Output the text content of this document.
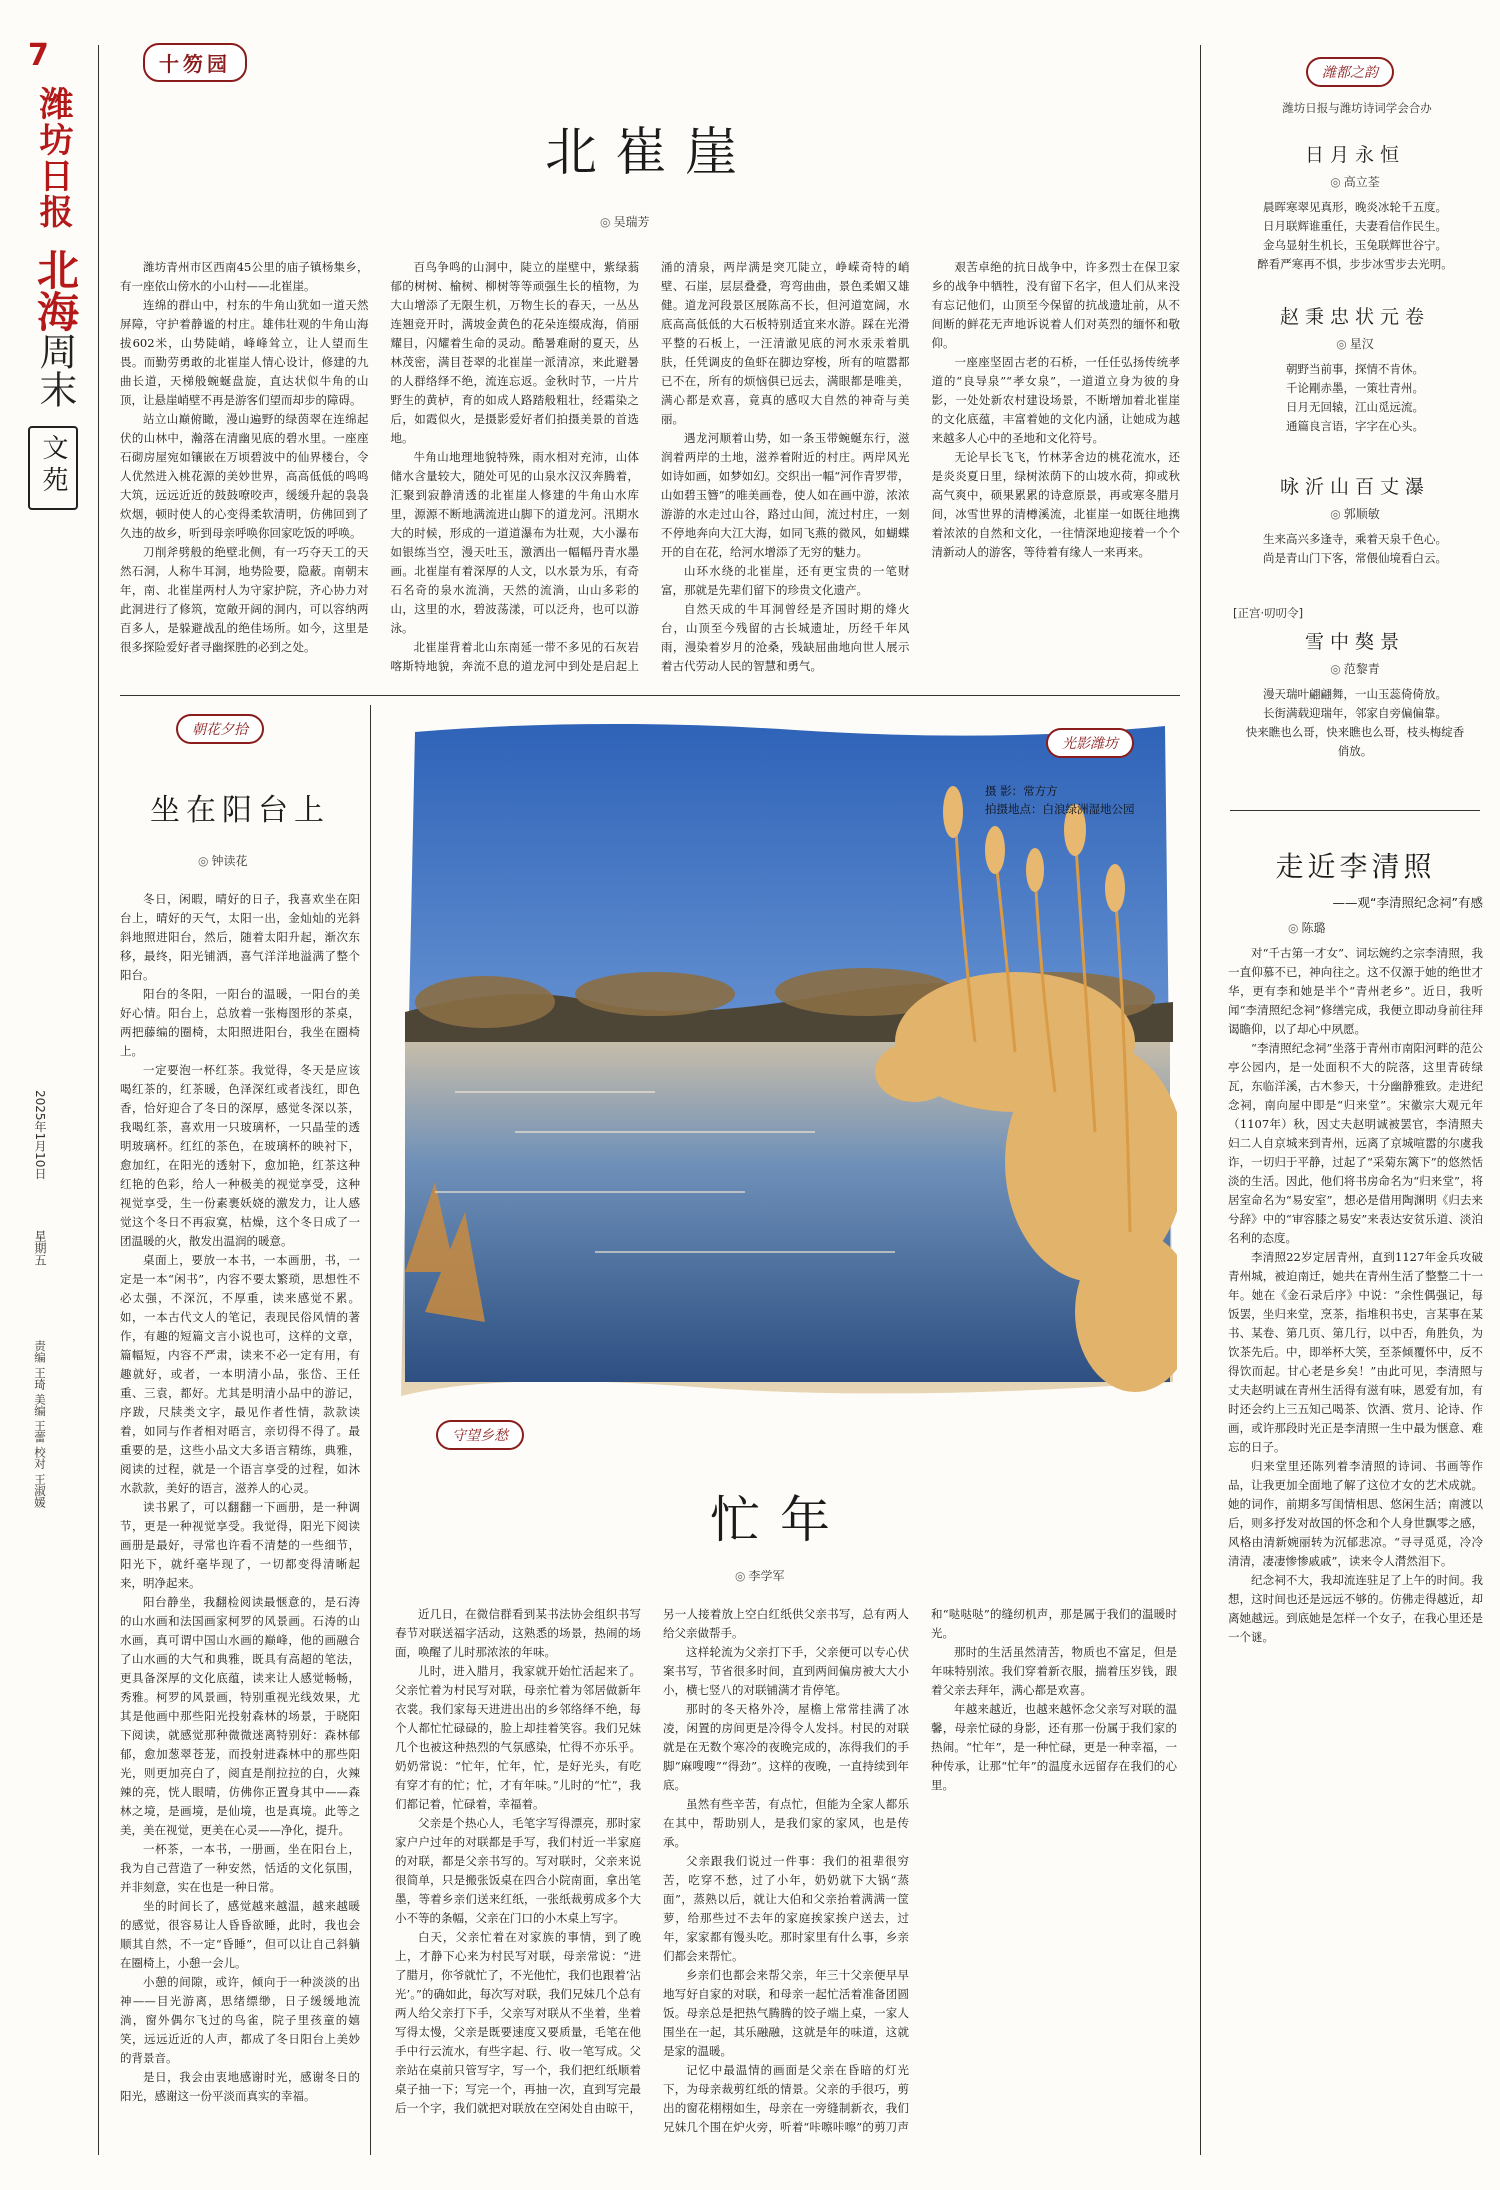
7
潍坊日报
北海周末
文苑
2025年1月10日
星期五
责编 王琦 美编 王蕾 校对 王淑媛
十笏园
北崔崖
◎ 吴瑞芳

潍坊青州市区西南45公里的庙子镇杨集乡，有一座依山傍水的小山村——北崔崖。

连绵的群山中，村东的牛角山犹如一道天然屏障，守护着静谧的村庄。雄伟壮观的牛角山海拔602米，山势陡峭，峰峰耸立，让人望而生畏。而勤劳勇敢的北崔崖人情心设计，修建的九曲长道，天梯般蜿蜒盘旋，直达状似牛角的山顶，让悬崖峭壁不再是游客们望而却步的障碍。

站立山巅俯瞰，漫山遍野的绿茵翠在连绵起伏的山林中，瀚落在清幽见底的碧水里。一座座石砌房屋宛如镶嵌在万顷碧波中的仙界楼台，令人优然进入桃花源的美妙世界，高高低低的鸣鸣大筑，远远近近的鼓鼓嘹咬声，缓缓升起的袅袅炊烟，顿时使人的心变得柔软清明，仿佛回到了久违的故乡，听到母亲呼唤你回家吃饭的呼唤。

刀削斧劈般的绝壁北侧，有一巧夺天工的天然石洞，人称牛耳洞，地势险要，隐蔽。南朝末年，南、北崔崖两村人为守家护院，齐心协力对此洞进行了修筑，宽敞开阔的洞内，可以容纳两百多人，是躲避战乱的绝佳场所。如今，这里是很多探险爱好者寻幽探胜的必到之处。

百鸟争鸣的山洞中，陡立的崖壁中，紫绿蓊郁的树树、榆树、柳树等等顽强生长的植物，为大山增添了无限生机，万物生长的春天，一丛丛连翘竞开时，满坡金黄色的花朵连缀成海，俏丽耀目，闪耀着生命的灵动。酷暑难耐的夏天，丛林茂密，满目苍翠的北崔崖一派清凉，来此避暑的人群络绎不绝，流连忘返。金秋时节，一片片野生的黄栌，育的如成人路踏般粗壮，经霜染之后，如霞似火，是摄影爱好者们拍摄美景的首选地。

牛角山地理地貌特殊，雨水相对充沛，山体储水含量较大，随处可见的山泉水汉汉奔腾着，汇聚到寂静清透的北崔崖人修建的牛角山水库里，源源不断地满流进山脚下的道龙河。汛期水大的时候，形成的一道道瀑布为壮观，大小瀑布如银练当空，漫天吐玉，激洒出一幅幅丹青水墨画。北崔崖有着深厚的人文，以水景为乐，有奇石名奇的泉水流淌，天然的流淌，山山多彩的山，这里的水，碧波荡漾，可以泛舟，也可以游泳。

北崔崖背着北山东南延一带不多见的石灰岩喀斯特地貌，奔流不息的道龙河中到处是启起上涌的清泉，两岸满是突兀陡立，峥嵘奇特的峭壁、石崖，层层叠叠，弯弯曲曲，景色柔媚又雄健。道龙河段景区展陈高不长，但河道宽阔，水底高高低低的大石板特别适宜来水游。踩在光滑平整的石板上，一汪清澈见底的河水汞汞着肌肤，任凭调皮的鱼虾在脚边穿梭，所有的喧嚣都已不在，所有的烦恼俱已远去，满眼都是唯美，满心都是欢喜，竟真的感叹大自然的神奇与美丽。

遇龙河顺着山势，如一条玉带蜿蜒东行，滋润着两岸的土地，滋养着附近的村庄。两岸风光如诗如画，如梦如幻。交织出一幅“河作青罗带，山如碧玉簪”的唯美画卷，使人如在画中游，浓浓游游的水走过山谷，路过山间，流过村庄，一刻不停地奔向大江大海，如同飞燕的微风，如蝴蝶开的自在花，给河水增添了无穷的魅力。

山环水绕的北崔崖，还有更宝贵的一笔财富，那就是先辈们留下的珍贵文化遗产。

自然天成的牛耳洞曾经是齐国时期的烽火台，山顶至今残留的古长城遗址，历经千年风雨，漫染着岁月的沧桑，残缺屈曲地向世人展示着古代劳动人民的智慧和勇气。

艰苦卓绝的抗日战争中，许多烈士在保卫家乡的战争中牺牲，没有留下名字，但人们从来没有忘记他们，山顶至今保留的抗战遗址前，从不间断的鲜花无声地诉说着人们对英烈的缅怀和敬仰。

一座座坚固古老的石桥，一任任弘扬传统孝道的“良导泉”“孝女泉”，一道道立身为彼的身影，一处处新农村建设场景，不断增加着北崔崖的文化底蕴，丰富着她的文化内涵，让她成为越来越多人心中的圣地和文化符号。

无论早长飞飞，竹林茅舍边的桃花流水，还是炎炎夏日里，绿树浓荫下的山坡水荷，抑或秋高气爽中，硕果累累的诗意原景，再或寒冬腊月间，冰雪世界的清樽溪流，北崔崖一如既往地携着浓浓的自然和文化，一往情深地迎接着一个个清新动人的游客，等待着有缘人一来再来。

潍都之韵
潍坊日报与潍坊诗词学会合办
日月永恒
◎ 高立荃
晨晖寒翠见真形，晚炎冰轮千五度。
日月联辉谁重任，夫妻看信作民生。
金乌显射生机长，玉兔联辉世谷宁。
醉看严寒再不惧，步步冰雪步去光明。
赵秉忠状元卷
◎ 星汉
朝野当前事，探情不肯休。
千论剛赤墨，一策壮青州。
日月无回辕，江山觅远流。
通篇良言语，字字在心头。
咏沂山百丈瀑
◎ 郭顺敏
生来高兴多逢寺，乘着天泉千色心。
尚是青山门下客，常偎仙境看白云。
[正宫·叨叨令]
雪中獒景
◎ 范黎青
漫天瑞叶翩翩舞，一山玉蕊倚倚放。
长街满载迎瑞年，邻家自旁偏偏靠。
快来瞧也么哥，快来瞧也么哥，枝头梅绽香
俏放。
走近李清照
——观“李清照纪念祠”有感
◎ 陈璐

对“千古第一才女”、词坛婉约之宗李清照，我一直仰慕不已，神向往之。这不仅源于她的绝世才华，更有李和她是半个“青州老乡”。近日，我听闻“李清照纪念祠”修缮完成，我便立即动身前往拜谒瞻仰，以了却心中夙愿。

“李清照纪念祠”坐落于青州市南阳河畔的范公亭公园内，是一处面积不大的院落，这里青砖绿瓦，东临洋溪，古木参天，十分幽静雅致。走进纪念祠，南向屋中即是“归来堂”。宋徽宗大观元年（1107年）秋，因丈夫赵明诚被罢官，李清照夫妇二人自京城来到青州，远离了京城喧嚣的尔虞我诈，一切归于平静，过起了“采菊东篱下”的悠然恬淡的生活。因此，他们将书房命名为“归来堂”，将居室命名为“易安室”，想必是借用陶渊明《归去来兮辞》中的“审容膝之易安”来表达安贫乐道、淡泊名利的态度。

李清照22岁定居青州，直到1127年金兵攻破青州城，被迫南迁，她共在青州生活了整整二十一年。她在《金石录后序》中说：“余性偶强记，每饭罢，坐归来堂，烹茶，指堆积书史，言某事在某书、某卷、第几页、第几行，以中否，角胜负，为饮茶先后。中，即举杯大笑，至茶倾覆怀中，反不得饮而起。甘心老是乡矣！”由此可见，李清照与丈夫赵明诚在青州生活得有滋有味，恩爱有加，有时还会约上三五知己喝茶、饮酒、赏月、论诗、作画，或许那段时光正是李清照一生中最为惬意、难忘的日子。

归来堂里还陈列着李清照的诗词、书画等作品，让我更加全面地了解了这位才女的艺术成就。她的词作，前期多写闺情相思、悠闲生活；南渡以后，则多抒发对故国的怀念和个人身世飘零之感，风格由清新婉丽转为沉郁悲凉。“寻寻觅觅，冷冷清清，凄凄惨惨戚戚”，读来令人潸然泪下。

纪念祠不大，我却流连驻足了上午的时间。我想，这时间也还是远远不够的。仿佛走得越近，却离她越远。到底她是怎样一个女子，在我心里还是一个谜。

朝花夕拾
坐在阳台上
◎ 钟读花

冬日，闲暇，晴好的日子，我喜欢坐在阳台上，晴好的天气，太阳一出，金灿灿的光斜斜地照进阳台，然后，随着太阳升起，渐次东移，最终，阳光铺洒，喜气洋洋地溢满了整个阳台。

阳台的冬阳，一阳台的温暖，一阳台的美好心情。阳台上，总放着一张梅图形的茶桌，两把藤编的圈椅，太阳照进阳台，我坐在圈椅上。

一定要泡一杯红茶。我觉得，冬天是应该喝红茶的，红茶暖，色泽深红或者浅红，即色香，恰好迎合了冬日的深厚，感觉冬深以茶，我喝红茶，喜欢用一只玻璃杯，一只晶莹的透明玻璃杯。红红的茶色，在玻璃杯的映衬下，愈加红，在阳光的透射下，愈加艳，红茶这种红艳的色彩，给人一种极美的视觉享受，这种视觉享受，生一份素裹妖娆的激发力，让人感觉这个冬日不再寂寞，枯燥，这个冬日成了一团温暖的火，散发出温润的暖意。

桌面上，要放一本书，一本画册，书，一定是一本“闲书”，内容不要太繁琐，思想性不必太强，不深沉，不厚重，读来感觉不累。如，一本古代文人的笔记，表现民俗风情的著作，有趣的短篇文言小说也可，这样的文章，篇幅短，内容不严肃，读来不必一定有用，有趣就好，或者，一本明清小品，张岱、王任重、三袁，都好。尤其是明清小品中的游记，序跋，尺牍类文字，最见作者性情，款款读着，如同与作者相对晤言，亲切得不得了。最重要的是，这些小品文大多语言精练，典雅，阅读的过程，就是一个语言享受的过程，如沐水款款，美好的语言，滋养人的心灵。

读书累了，可以翻翻一下画册，是一种调节，更是一种视觉享受。我觉得，阳光下阅读画册是最好，寻常也许看不清楚的一些细节，阳光下，就纤毫毕现了，一切都变得清晰起来，明净起来。

阳台静坐，我翻检阅读最惬意的，是石涛的山水画和法国画家柯罗的风景画。石涛的山水画，真可谓中国山水画的巅峰，他的画融合了山水画的大气和典雅，既具有高超的笔法，更具备深厚的文化底蕴，读来让人感觉畅畅，秀雅。柯罗的风景画，特别重视光线效果，尤其是他画中那些阳光投射森林的场景，于晓阳下阅读，就感觉那种微微迷离特别好：森林郁郁，愈加葱翠苍茏，而投射进森林中的那些阳光，则更加亮白了，阅直是削拉拉的白，火辣辣的亮，恍人眼晴，仿佛你正置身其中——森林之境，是画境，是仙境，也是真境。此等之美，美在视觉，更美在心灵——净化，提升。

一杯茶，一本书，一册画，坐在阳台上，我为自己营造了一种安然，恬适的文化氛围，并非刻意，实在也是一种日常。

坐的时间长了，感觉越来越温，越来越暖的感觉，很容易让人昏昏欲睡，此时，我也会顺其自然，不一定“昏睡”，但可以让自己斜躺在圈椅上，小憩一会儿。

小憩的间隙，或许，倾向于一种淡淡的出神——目光游离，思绪缥缈，日子缓缓地流淌，窗外偶尔飞过的鸟雀，院子里孩童的嬉笑，远远近近的人声，都成了冬日阳台上美妙的背景音。

是日，我会由衷地感谢时光，感谢冬日的阳光，感谢这一份平淡而真实的幸福。

光影潍坊
摄 影：常方方
拍摄地点：白浪绿洲湿地公园
守望乡愁
忙年
◎ 李学军

近几日，在微信群看到某书法协会组织书写春节对联送福字活动，这熟悉的场景，热闹的场面，唤醒了儿时那浓浓的年味。

儿时，进入腊月，我家就开始忙活起来了。父亲忙着为村民写对联，母亲忙着为邻居做新年衣裳。我们家每天进进出出的乡邻络绎不绝，每个人都忙忙碌碌的，脸上却挂着笑容。我们兄妹几个也被这种热烈的气氛感染，忙得不亦乐乎。奶奶常说：“忙年，忙年，忙，是好光头，有吃有穿才有的忙；忙，才有年味。”儿时的“忙”，我们都记着，忙碌着，幸福着。

父亲是个热心人，毛笔字写得漂亮，那时家家户户过年的对联都是手写，我们村近一半家庭的对联，都是父亲书写的。写对联时，父亲来说很简单，只是搬张饭桌在四合小院南面，拿出笔墨，等着乡亲们送来红纸，一张纸裁剪成多个大小不等的条幅，父亲在门口的小木桌上写字。

白天，父亲忙着在对家族的事情，到了晚上，才静下心来为村民写对联，母亲常说：“进了腊月，你爷就忙了，不光他忙，我们也跟着‘沾光’。”的确如此，每次写对联，我们兄妹几个总有两人给父亲打下手，父亲写对联从不坐着，坐着写得太慢，父亲是既要速度又要质量，毛笔在他手中行云流水，有些字起、行、收一笔写成。父亲站在桌前只管写字，写一个，我们把红纸顺着桌子抽一下；写完一个，再抽一次，直到写完最后一个字，我们就把对联放在空闲处自由晾干，另一人接着放上空白红纸供父亲书写，总有两人给父亲做帮手。

这样轮流为父亲打下手，父亲便可以专心伏案书写，节省很多时间，直到两间偏房被大大小小，横七竖八的对联铺满才肯停笔。

那时的冬天格外冷，屋檐上常常挂满了冰凌，闲置的房间更是冷得令人发抖。村民的对联就是在无数个寒冷的夜晚完成的，冻得我们的手脚“麻嗖嗖”“得劲”。这样的夜晚，一直持续到年底。

虽然有些辛苦，有点忙，但能为全家人都乐在其中，帮助别人，是我们家的家风，也是传承。

父亲跟我们说过一件事：我们的祖辈很穷苦，吃穿不愁，过了小年，奶奶就下大锅“蒸面”，蒸熟以后，就让大伯和父亲抬着满满一筐萝，给那些过不去年的家庭挨家挨户送去，过年，家家都有馒头吃。那时家里有什么事，乡亲们都会来帮忙。

乡亲们也都会来帮父亲，年三十父亲便早早地写好自家的对联，和母亲一起忙活着准备团圆饭。母亲总是把热气腾腾的饺子端上桌，一家人围坐在一起，其乐融融，这就是年的味道，这就是家的温暖。

记忆中最温情的画面是父亲在昏暗的灯光下，为母亲裁剪红纸的情景。父亲的手很巧，剪出的窗花栩栩如生，母亲在一旁缝制新衣，我们兄妹几个围在炉火旁，听着“咔嚓咔嚓”的剪刀声和“哒哒哒”的缝纫机声，那是属于我们的温暖时光。

那时的生活虽然清苦，物质也不富足，但是年味特别浓。我们穿着新衣服，揣着压岁钱，跟着父亲去拜年，满心都是欢喜。

年越来越近，也越来越怀念父亲写对联的温馨，母亲忙碌的身影，还有那一份属于我们家的热闹。“忙年”，是一种忙碌，更是一种幸福，一种传承，让那“忙年”的温度永远留存在我们的心里。
